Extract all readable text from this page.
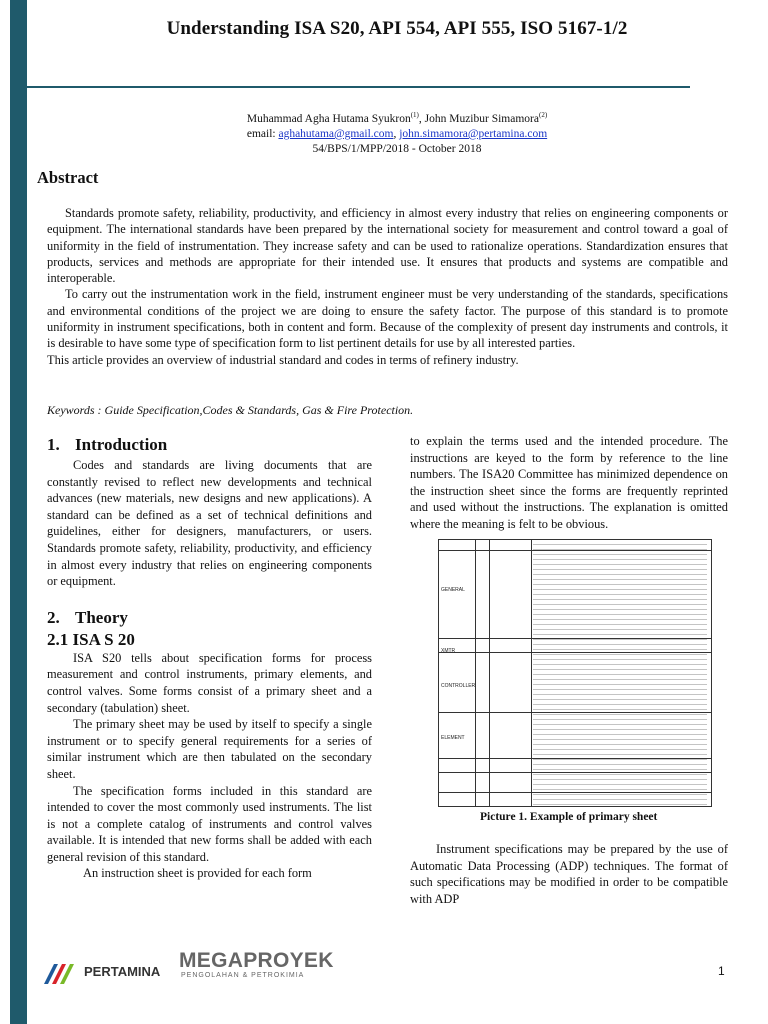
Understanding ISA S20, API 554, API 555, ISO 5167-1/2
Muhammad Agha Hutama Syukron$^{(1)}$, John Muzibur Simamora$^{(2)}$
email: aghahutama@gmail.com, john.simamora@pertamina.com
54/BPS/1/MPP/2018 - October 2018
Abstract

Standards promote safety, reliability, productivity, and efficiency in almost every industry that relies on engineering components or equipment. The international standards have been prepared by the international society for measurement and control toward a goal of uniformity in the field of instrumentation. They increase safety and can be used to rationalize operations. Standardization ensures that products, services and methods are appropriate for their intended use. It ensures that products and systems are compatible and interoperable.

To carry out the instrumentation work in the field, instrument engineer must be very understanding of the standards, specifications and environmental conditions of the project we are doing to ensure the safety factor. The purpose of this standard is to promote uniformity in instrument specifications, both in content and form. Because of the complexity of present day instruments and controls, it is desirable to have some type of specification form to list pertinent details for use by all interested parties.

This article provides an overview of industrial standard and codes in terms of refinery industry.

Keywords : Guide Specification,Codes & Standards, Gas & Fire Protection.
1. Introduction

Codes and standards are living documents that are constantly revised to reflect new developments and technical advances (new materials, new designs and new applications). A standard can be defined as a set of technical definitions and guidelines, either for designers, manufacturers, or users. Standards promote safety, reliability, productivity, and efficiency in almost every industry that relies on engineering components or equipment.

2. Theory
2.1 ISA S 20

ISA S20 tells about specification forms for process measurement and control instruments, primary elements, and control valves. Some forms consist of a primary sheet and a secondary (tabulation) sheet.

The primary sheet may be used by itself to specify a single instrument or to specify general requirements for a series of similar instrument which are then tabulated on the secondary sheet.

The specification forms included in this standard are intended to cover the most commonly used instruments. The list is not a complete catalog of instruments and control valves available. It is intended that new forms shall be added with each general revision of this standard.

An instruction sheet is provided for each form

to explain the terms used and the intended procedure. The instructions are keyed to the form by reference to the line numbers. The ISA20 Committee has minimized dependence on the instruction sheet since the forms are frequently reprinted and used without the instructions. The explanation is omitted where the meaning is felt to be obvious.

GENERAL
XMTR
CONTROLLER
ELEMENT
Picture 1. Example of primary sheet

Instrument specifications may be prepared by the use of Automatic Data Processing (ADP) techniques. The format of such specifications may be modified in order to be compatible with ADP

PERTAMINA MEGAPROYEK
PENGOLAHAN & PETROKIMIA	1
